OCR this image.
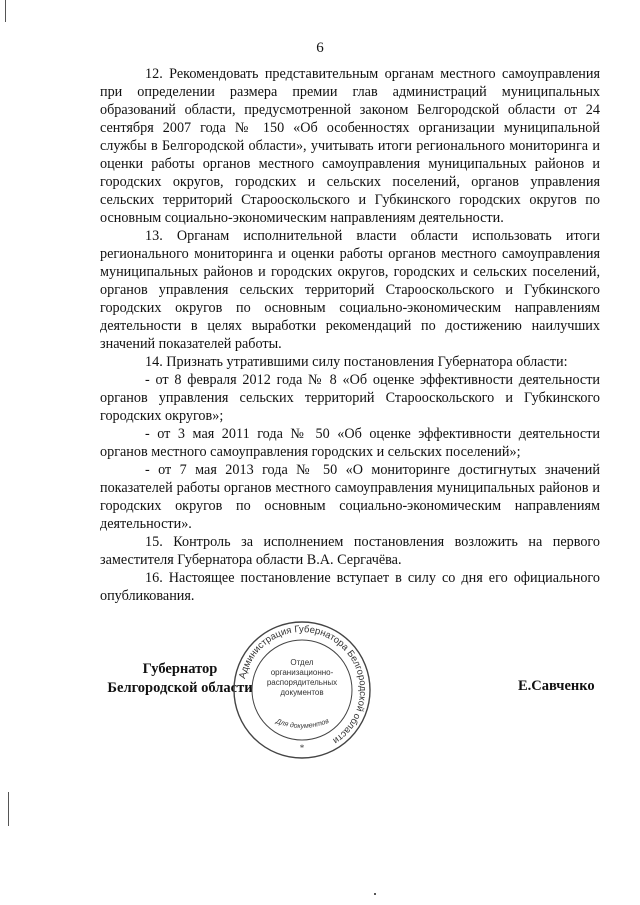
6

12. Рекомендовать представительным органам местного самоуправления при определении размера премии глав администраций муниципальных образований области, предусмотренной законом Белгородской области от 24 сентября 2007 года № 150 «Об особенностях организации муниципальной службы в Белгородской области», учитывать итоги регионального мониторинга и оценки работы органов местного самоуправления муниципальных районов и городских округов, городских и сельских поселений, органов управления сельских территорий Старооскольского и Губкинского городских округов по основным социально-экономическим направлениям деятельности.

13. Органам исполнительной власти области использовать итоги регионального мониторинга и оценки работы органов местного самоуправления муниципальных районов и городских округов, городских и сельских поселений, органов управления сельских территорий Старооскольского и Губкинского городских округов по основным социально-экономическим направлениям деятельности в целях выработки рекомендаций по достижению наилучших значений показателей работы.

14. Признать утратившими силу постановления Губернатора области:

- от 8 февраля 2012 года № 8 «Об оценке эффективности деятельности органов управления сельских территорий Старооскольского и Губкинского городских округов»;

- от 3 мая 2011 года № 50 «Об оценке эффективности деятельности органов местного самоуправления городских и сельских поселений»;

- от 7 мая 2013 года № 50 «О мониторинге достигнутых значений показателей работы органов местного самоуправления муниципальных районов и городских округов по основным социально-экономическим направлениям деятельности».

15. Контроль за исполнением постановления возложить на первого заместителя Губернатора области В.А. Сергачёва.

16. Настоящее постановление вступает в силу со дня его официального опубликования.

Губернатор
Белгородской области	Е.Савченко
Администрация Губернатора Белгородской области
Для документов
*
Отдел
организационно-
распорядительных
документов
